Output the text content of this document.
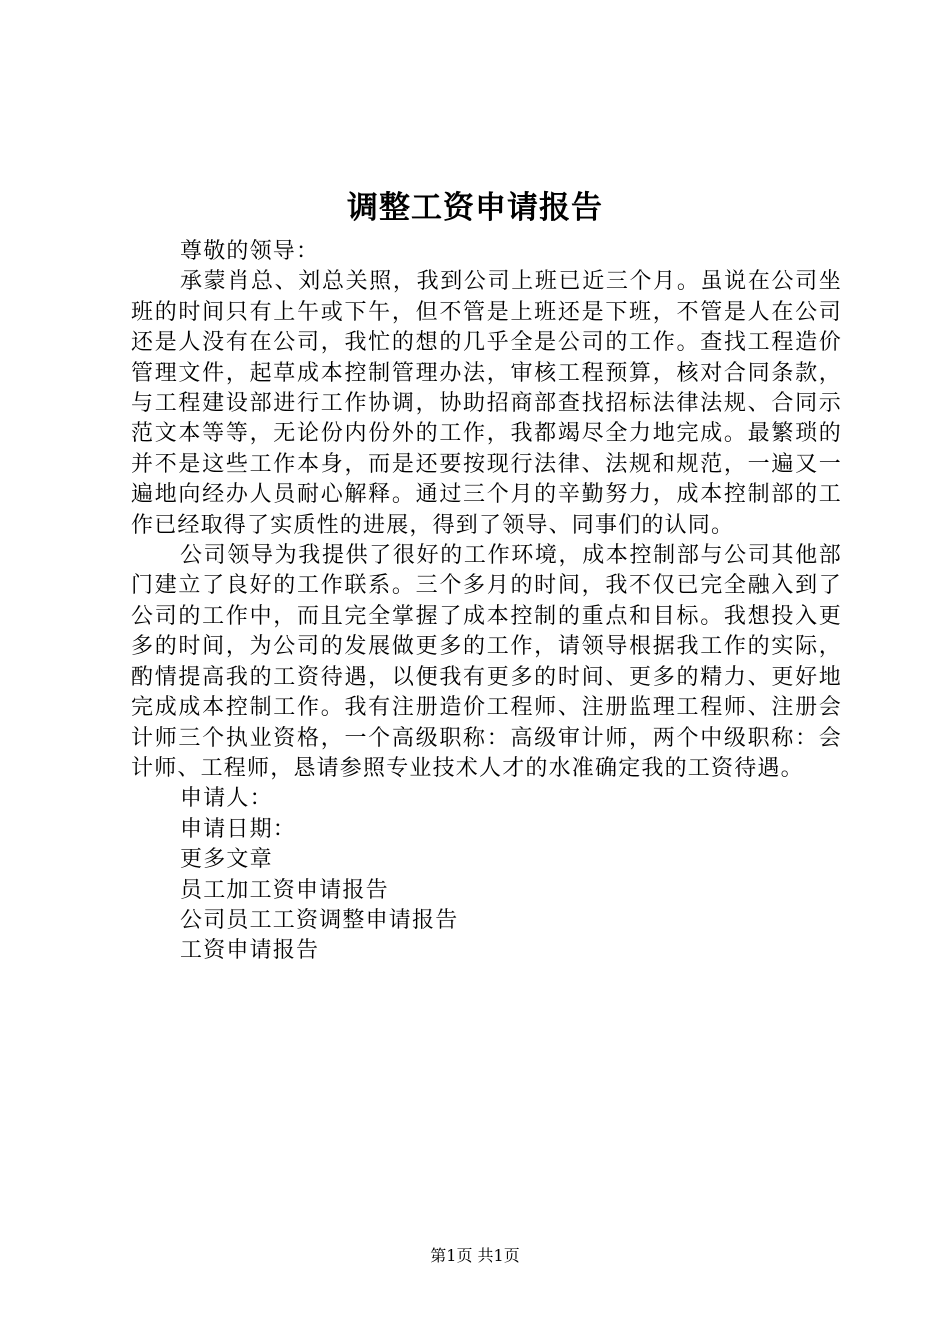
调整工资申请报告
尊敬的领导：

承蒙肖总、刘总关照，我到公司上班已近三个月。虽说在公司坐班的时间只有上午或下午，但不管是上班还是下班，不管是人在公司还是人没有在公司，我忙的想的几乎全是公司的工作。查找工程造价管理文件，起草成本控制管理办法，审核工程预算，核对合同条款，与工程建设部进行工作协调，协助招商部查找招标法律法规、合同示范文本等等，无论份内份外的工作，我都竭尽全力地完成。最繁琐的并不是这些工作本身，而是还要按现行法律、法规和规范，一遍又一遍地向经办人员耐心解释。通过三个月的辛勤努力，成本控制部的工作已经取得了实质性的进展，得到了领导、同事们的认同。

公司领导为我提供了很好的工作环境，成本控制部与公司其他部门建立了良好的工作联系。三个多月的时间，我不仅已完全融入到了公司的工作中，而且完全掌握了成本控制的重点和目标。我想投入更多的时间，为公司的发展做更多的工作，请领导根据我工作的实际，酌情提高我的工资待遇，以便我有更多的时间、更多的精力、更好地完成成本控制工作。我有注册造价工程师、注册监理工程师、注册会计师三个执业资格，一个高级职称：高级审计师，两个中级职称：会计师、工程师，恳请参照专业技术人才的水准确定我的工资待遇。

申请人：
申请日期：
更多文章
员工加工资申请报告
公司员工工资调整申请报告
工资申请报告
第1页 共1页
